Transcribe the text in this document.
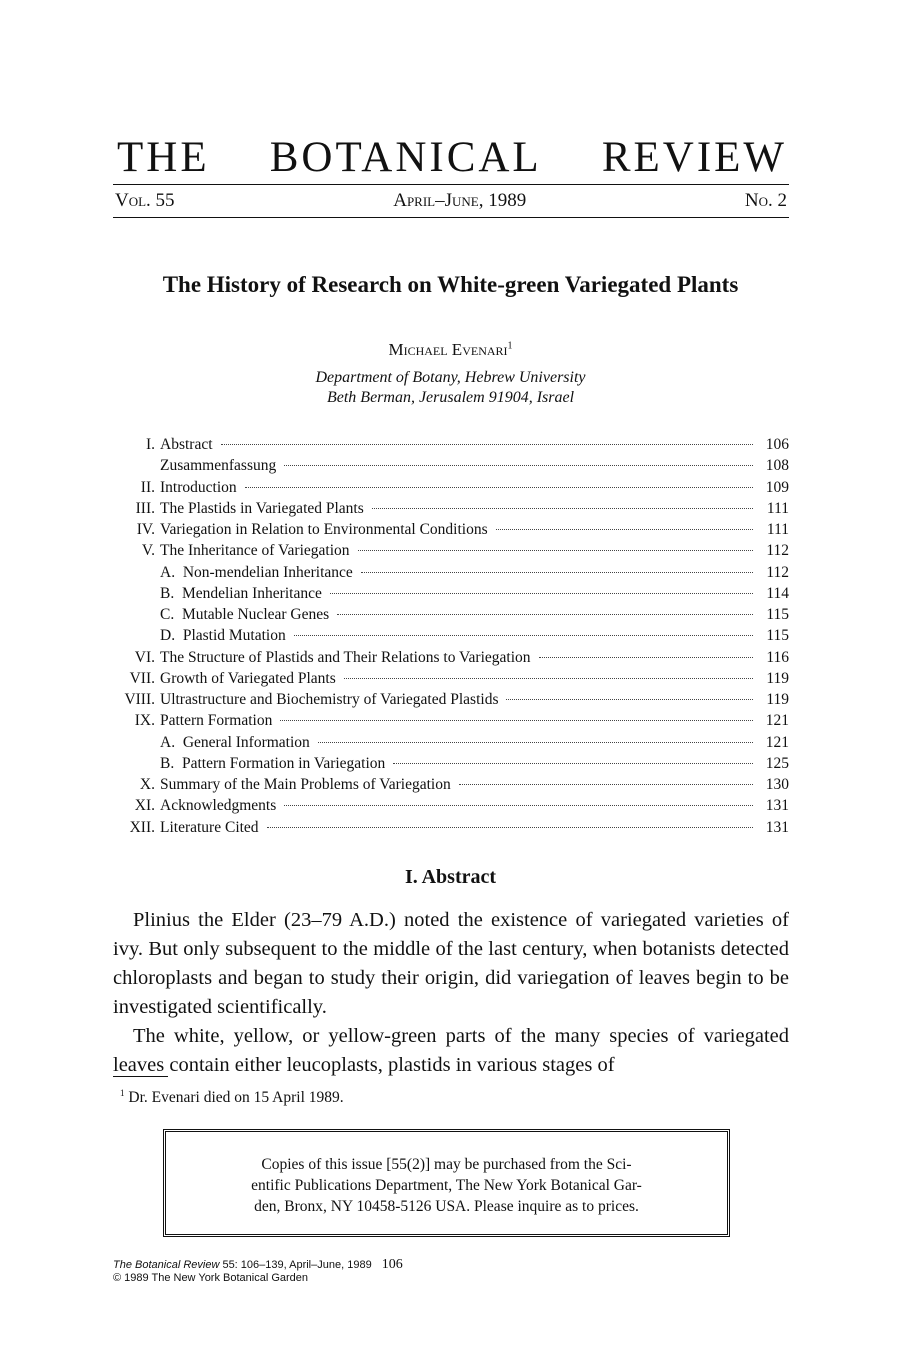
THE BOTANICAL REVIEW
Vol. 55	April–June, 1989	No. 2
The History of Research on White-green Variegated Plants
Michael Evenari$^1$
Department of Botany, Hebrew University
Beth Berman, Jerusalem 91904, Israel
I. Abstract	106
Zusammenfassung	108
II. Introduction	109
III. The Plastids in Variegated Plants	111
IV. Variegation in Relation to Environmental Conditions	111
V. The Inheritance of Variegation	112
A.  Non-mendelian Inheritance	112
B.  Mendelian Inheritance	114
C.  Mutable Nuclear Genes	115
D.  Plastid Mutation	115
VI. The Structure of Plastids and Their Relations to Variegation	116
VII. Growth of Variegated Plants	119
VIII. Ultrastructure and Biochemistry of Variegated Plastids	119
IX. Pattern Formation	121
A.  General Information	121
B.  Pattern Formation in Variegation	125
X. Summary of the Main Problems of Variegation	130
XI. Acknowledgments	131
XII. Literature Cited	131
I. Abstract

Plinius the Elder (23–79 A.D.) noted the existence of variegated varieties of ivy. But only subsequent to the middle of the last century, when botanists detected chloroplasts and began to study their origin, did variegation of leaves begin to be investigated scientifically.

The white, yellow, or yellow-green parts of the many species of variegated leaves contain either leucoplasts, plastids in various stages of

$^1$ Dr. Evenari died on 15 April 1989.
Copies of this issue [55(2)] may be purchased from the Sci-
entific Publications Department, The New York Botanical Gar-
den, Bronx, NY 10458-5126 USA. Please inquire as to prices.
The Botanical Review 55: 106–139, April–June, 1989 106
© 1989 The New York Botanical Garden
